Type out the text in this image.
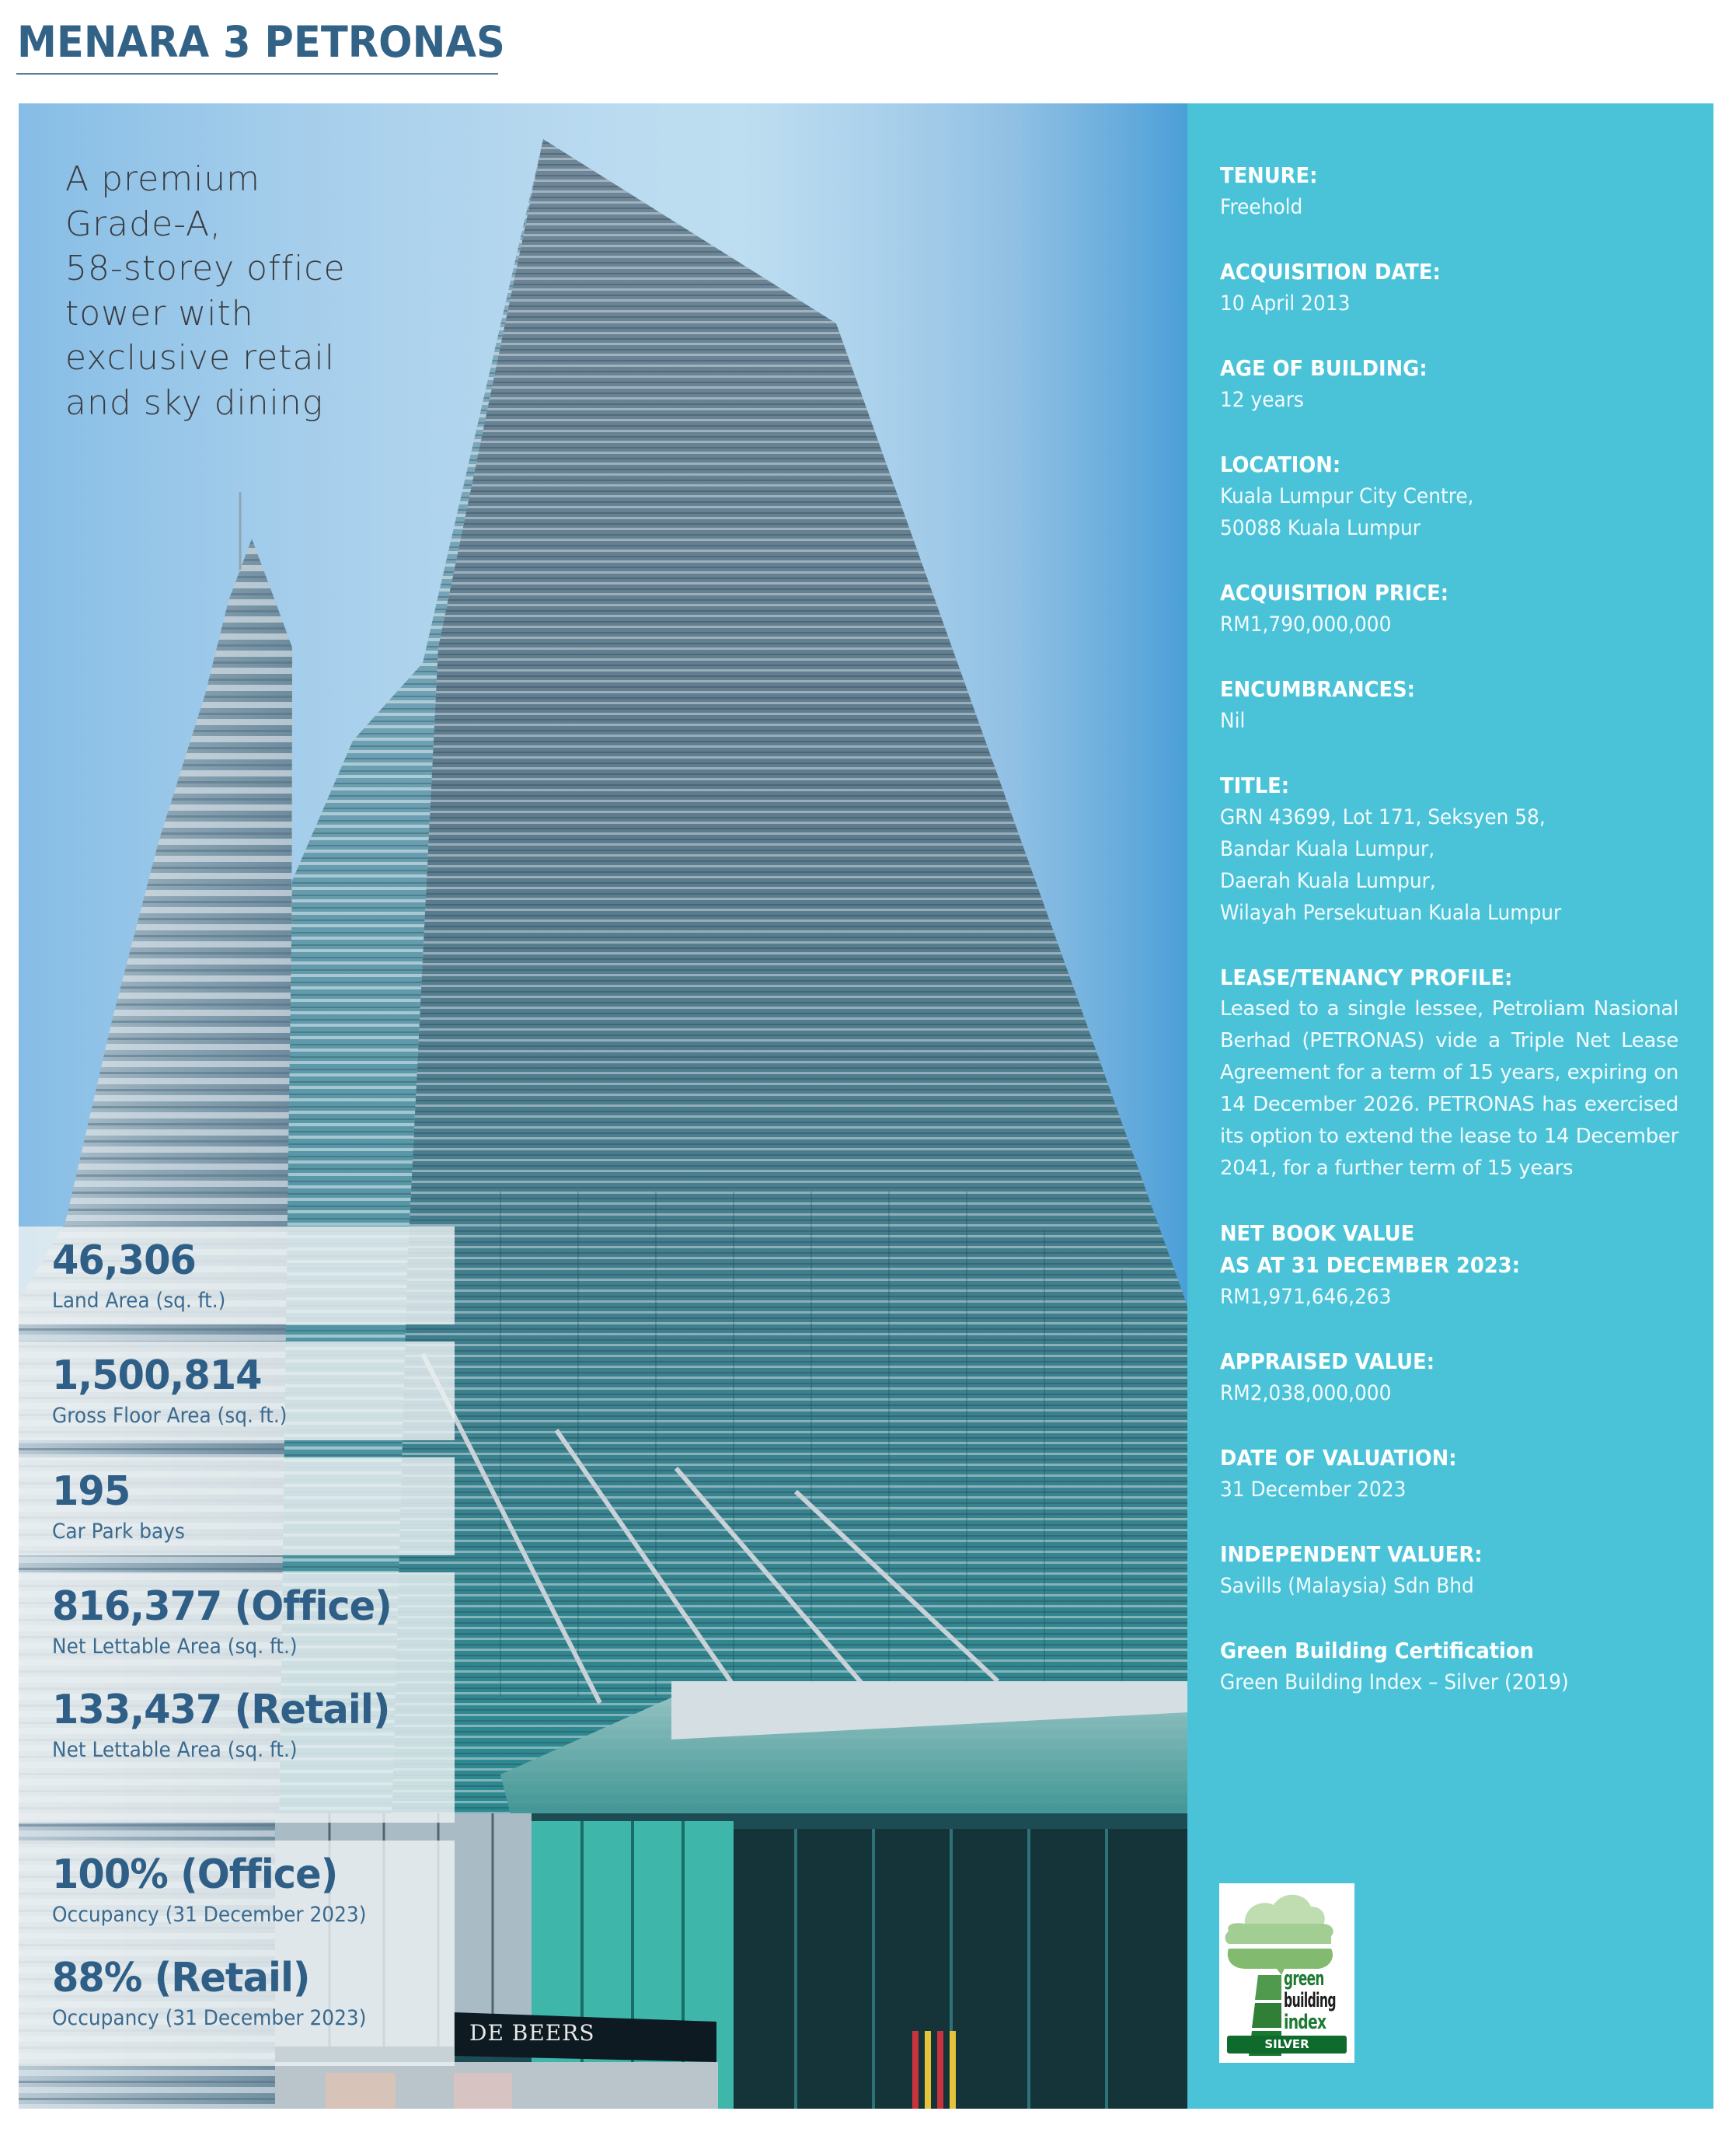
MENARA 3 PETRONAS
DE BEERS
A premium
Grade-A,
58-storey office
tower with
exclusive retail
and sky dining
46,306
Land Area (sq. ft.)
1,500,814
Gross Floor Area (sq. ft.)
195
Car Park bays
816,377 (Office)
Net Lettable Area (sq. ft.)
133,437 (Retail)
Net Lettable Area (sq. ft.)
100% (Office)
Occupancy (31 December 2023)
88% (Retail)
Occupancy (31 December 2023)
TENURE:
Freehold
ACQUISITION DATE:
10 April 2013
AGE OF BUILDING:
12 years
LOCATION:
Kuala Lumpur City Centre,
50088 Kuala Lumpur
ACQUISITION PRICE:
RM1,790,000,000
ENCUMBRANCES:
Nil
TITLE:
GRN 43699, Lot 171, Seksyen 58,
Bandar Kuala Lumpur,
Daerah Kuala Lumpur,
Wilayah Persekutuan Kuala Lumpur
LEASE/TENANCY PROFILE:
Leased to a single lessee, Petroliam Nasional Berhad (PETRONAS) vide a Triple Net Lease Agreement for a term of 15 years, expiring on 14 December 2026. PETRONAS has exercised its option to extend the lease to 14 December 2041, for a further term of 15 years
NET BOOK VALUE
AS AT 31 DECEMBER 2023:
RM1,971,646,263
APPRAISED VALUE:
RM2,038,000,000
DATE OF VALUATION:
31 December 2023
INDEPENDENT VALUER:
Savills (Malaysia) Sdn Bhd
Green Building Certification
Green Building Index – Silver (2019)
green
building
index
SILVER
